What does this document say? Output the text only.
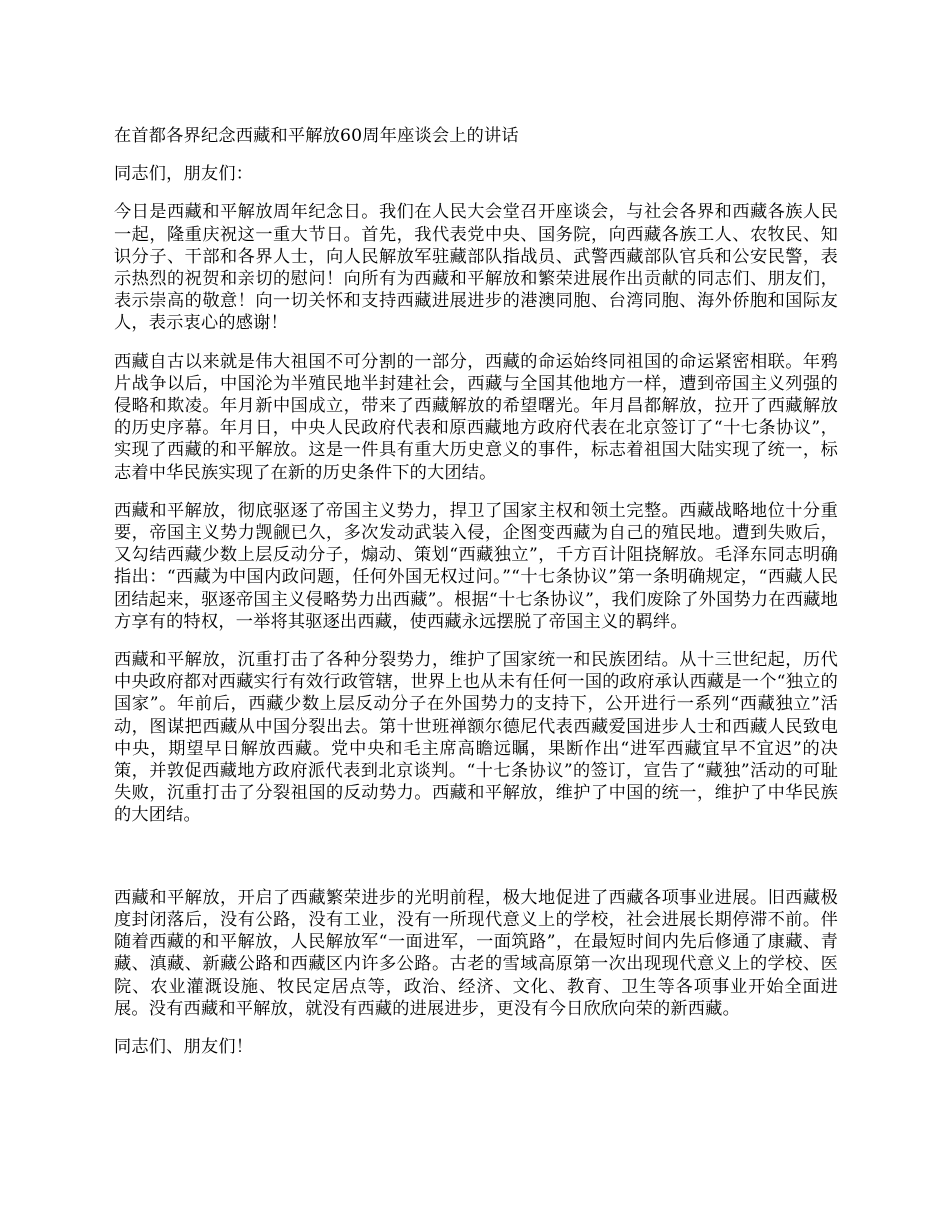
在首都各界纪念西藏和平解放60周年座谈会上的讲话

同志们，朋友们：

今日是西藏和平解放周年纪念日。我们在人民大会堂召开座谈会，与社会各界和西藏各族人民一起，隆重庆祝这一重大节日。首先，我代表党中央、国务院，向西藏各族工人、农牧民、知识分子、干部和各界人士，向人民解放军驻藏部队指战员、武警西藏部队官兵和公安民警，表示热烈的祝贺和亲切的慰问！向所有为西藏和平解放和繁荣进展作出贡献的同志们、朋友们，表示崇高的敬意！向一切关怀和支持西藏进展进步的港澳同胞、台湾同胞、海外侨胞和国际友人，表示衷心的感谢！

西藏自古以来就是伟大祖国不可分割的一部分，西藏的命运始终同祖国的命运紧密相联。年鸦片战争以后，中国沦为半殖民地半封建社会，西藏与全国其他地方一样，遭到帝国主义列强的侵略和欺凌。年月新中国成立，带来了西藏解放的希望曙光。年月昌都解放，拉开了西藏解放的历史序幕。年月日，中央人民政府代表和原西藏地方政府代表在北京签订了“十七条协议”，实现了西藏的和平解放。这是一件具有重大历史意义的事件，标志着祖国大陆实现了统一，标志着中华民族实现了在新的历史条件下的大团结。

西藏和平解放，彻底驱逐了帝国主义势力，捍卫了国家主权和领土完整。西藏战略地位十分重要，帝国主义势力觊觎已久，多次发动武装入侵，企图变西藏为自己的殖民地。遭到失败后，又勾结西藏少数上层反动分子，煽动、策划“西藏独立”，千方百计阻挠解放。毛泽东同志明确指出：“西藏为中国内政问题，任何外国无权过问。”“十七条协议”第一条明确规定，“西藏人民团结起来，驱逐帝国主义侵略势力出西藏”。根据“十七条协议”，我们废除了外国势力在西藏地方享有的特权，一举将其驱逐出西藏，使西藏永远摆脱了帝国主义的羁绊。

西藏和平解放，沉重打击了各种分裂势力，维护了国家统一和民族团结。从十三世纪起，历代中央政府都对西藏实行有效行政管辖，世界上也从未有任何一国的政府承认西藏是一个“独立的国家”。年前后，西藏少数上层反动分子在外国势力的支持下，公开进行一系列“西藏独立”活动，图谋把西藏从中国分裂出去。第十世班禅额尔德尼代表西藏爱国进步人士和西藏人民致电中央，期望早日解放西藏。党中央和毛主席高瞻远瞩，果断作出“进军西藏宜早不宜迟”的决策，并敦促西藏地方政府派代表到北京谈判。“十七条协议”的签订，宣告了“藏独”活动的可耻失败，沉重打击了分裂祖国的反动势力。西藏和平解放，维护了中国的统一，维护了中华民族的大团结。

西藏和平解放，开启了西藏繁荣进步的光明前程，极大地促进了西藏各项事业进展。旧西藏极度封闭落后，没有公路，没有工业，没有一所现代意义上的学校，社会进展长期停滞不前。伴随着西藏的和平解放，人民解放军“一面进军，一面筑路”，在最短时间内先后修通了康藏、青藏、滇藏、新藏公路和西藏区内许多公路。古老的雪域高原第一次出现现代意义上的学校、医院、农业灌溉设施、牧民定居点等，政治、经济、文化、教育、卫生等各项事业开始全面进展。没有西藏和平解放，就没有西藏的进展进步，更没有今日欣欣向荣的新西藏。

同志们、朋友们！
